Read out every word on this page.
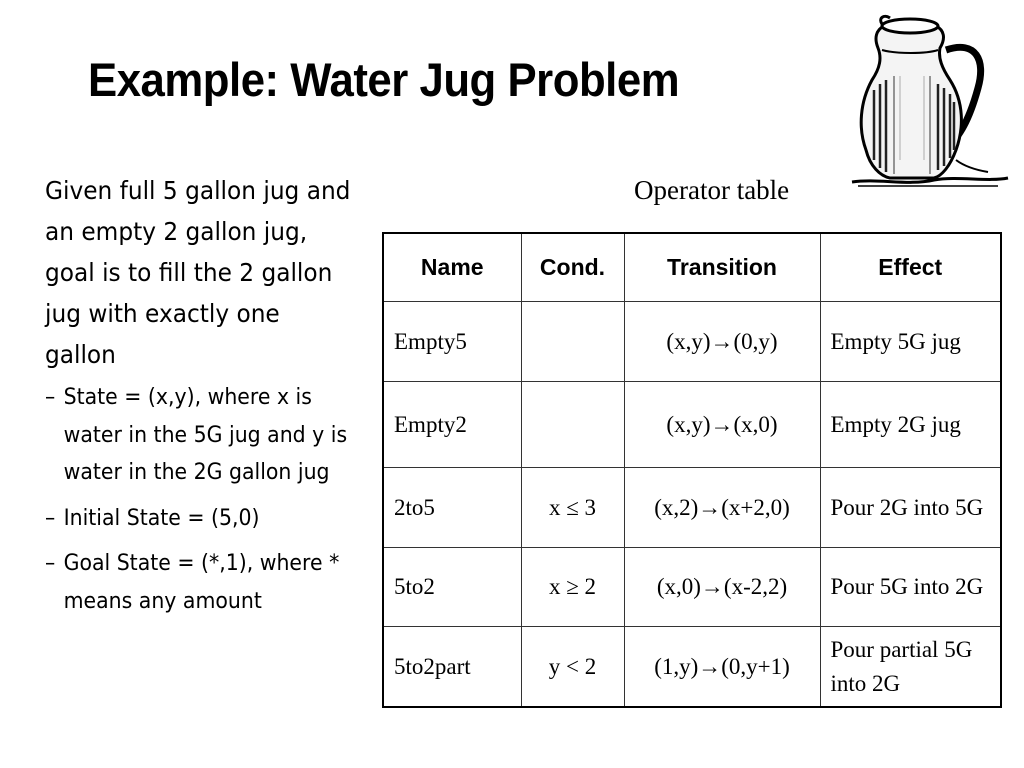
Example: Water Jug Problem

Given full 5 gallon jug and an empty 2 gallon jug, goal is to fill the 2 gallon jug with exactly one gallon

– State = (x,y), where x is water in the 5G jug and y is water in the 2G gallon jug
– Initial State = (5,0)
– Goal State = (*,1), where * means any amount
Operator table
Name	Cond.	Transition	Effect
Empty5		(x,y)→(0,y)	Empty 5G jug
Empty2		(x,y)→(x,0)	Empty 2G jug
2to5	x ≤ 3	(x,2)→(x+2,0)	Pour 2G into 5G
5to2	x ≥ 2	(x,0)→(x-2,2)	Pour 5G into 2G
5to2part	y < 2	(1,y)→(0,y+1)	Pour partial 5G into 2G
